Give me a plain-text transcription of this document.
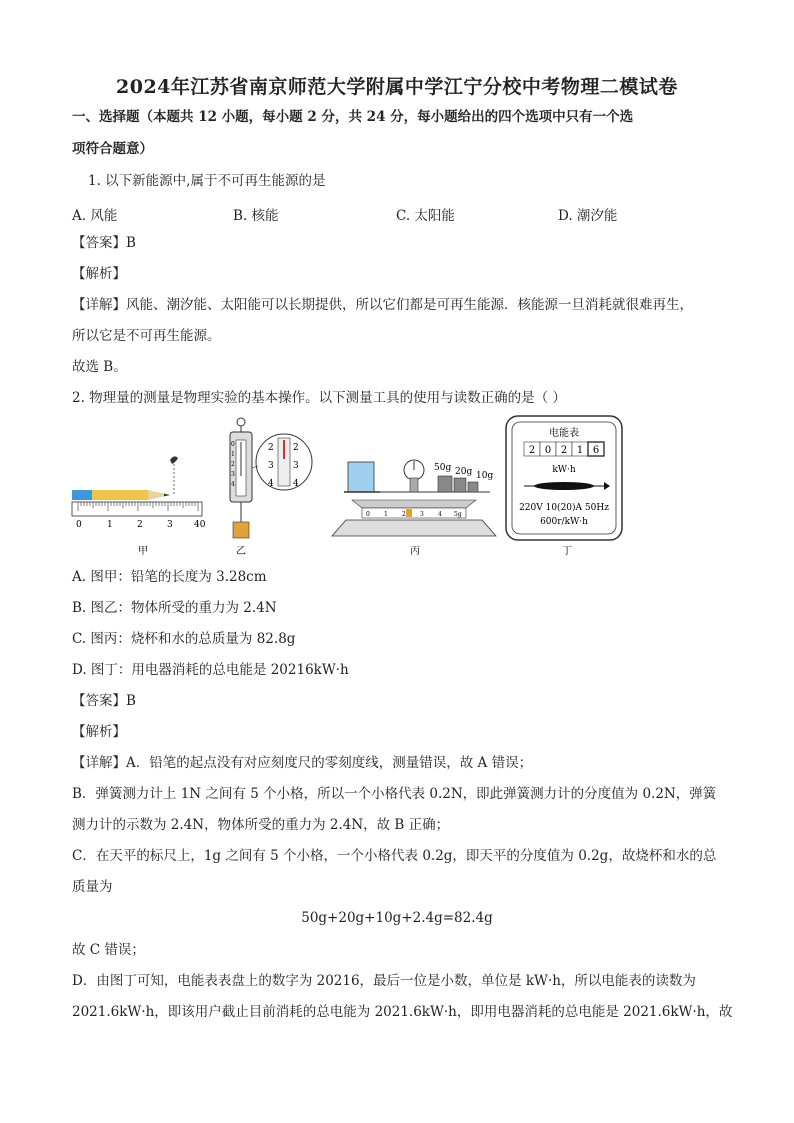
2024年江苏省南京师范大学附属中学江宁分校中考物理二模试卷
一、选择题（本题共 12 小题，每小题 2 分，共 24 分，每小题给出的四个选项中只有一个选
项符合题意）
1. 以下新能源中,属于不可再生能源的是
A. 风能	B. 核能	C. 太阳能	D. 潮汐能
【答案】B
【解析】
【详解】风能、潮汐能、太阳能可以长期提供，所以它们都是可再生能源．核能源一旦消耗就很难再生，
所以它是不可再生能源。
故选 B。
2. 物理量的测量是物理实验的基本操作。以下测量工具的使用与读数正确的是（ ）
0	1	2	3 40
甲
0
1
2
3
4
2
3
4
2
3
4
乙
50g 20g 10g
0 1 2 3 4 5g
丙
电能表
2 0 2 1 6
kW·h
220V 10(20)A 50Hz
600r/kW·h
丁
A. 图甲：铅笔的长度为 3.28cm
B. 图乙：物体所受的重力为 2.4N
C. 图丙：烧杯和水的总质量为 82.8g
D. 图丁：用电器消耗的总电能是 20216kW·h
【答案】B
【解析】
【详解】A．铅笔的起点没有对应刻度尺的零刻度线，测量错误，故 A 错误；
B．弹簧测力计上 1N 之间有 5 个小格，所以一个小格代表 0.2N，即此弹簧测力计的分度值为 0.2N，弹簧
测力计的示数为 2.4N，物体所受的重力为 2.4N，故 B 正确；
C．在天平的标尺上，1g 之间有 5 个小格，一个小格代表 0.2g，即天平的分度值为 0.2g，故烧杯和水的总
质量为
50g+20g+10g+2.4g=82.4g
故 C 错误；
D．由图丁可知，电能表表盘上的数字为 20216，最后一位是小数，单位是 kW·h，所以电能表的读数为
2021.6kW·h，即该用户截止目前消耗的总电能为 2021.6kW·h，即用电器消耗的总电能是 2021.6kW·h，故
